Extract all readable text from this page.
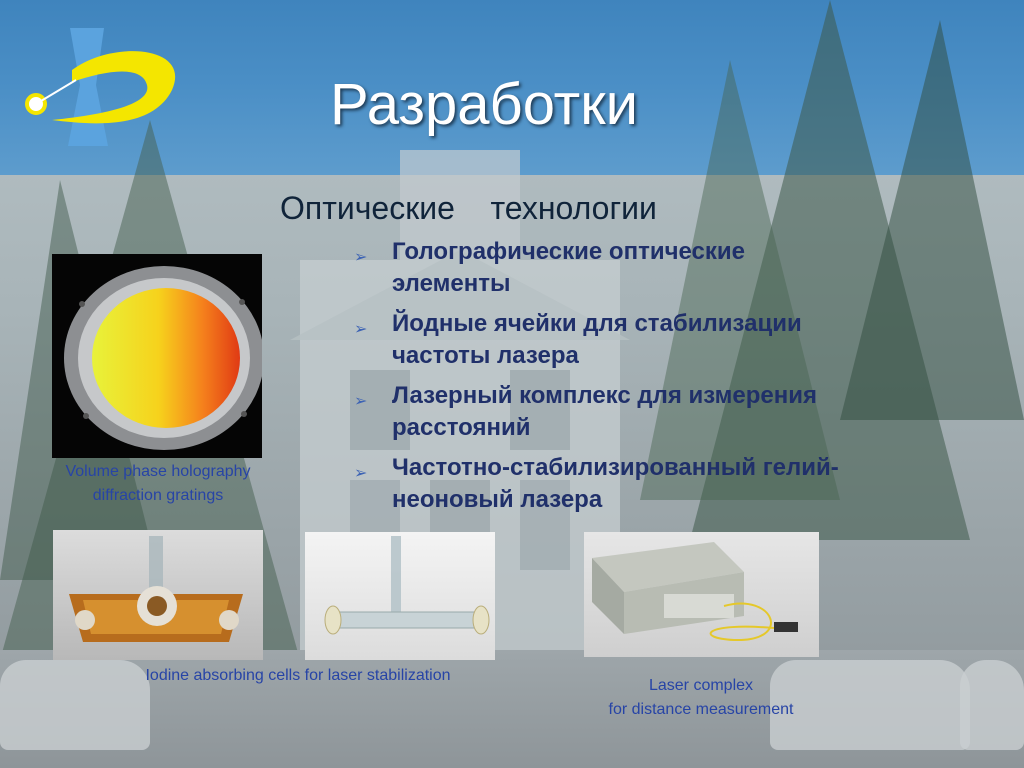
Разработки
Оптические    технологии
➢ Голографические оптические
элементы
➢ Йодные ячейки для стабилизации
частоты лазера
➢ Лазерный комплекс для измерения
расстояний
➢ Частотно-стабилизированный гелий-
неоновый лазера
Volume phase holography
diffraction gratings
Iodine absorbing cells for laser stabilization
Laser complex
for distance measurement
